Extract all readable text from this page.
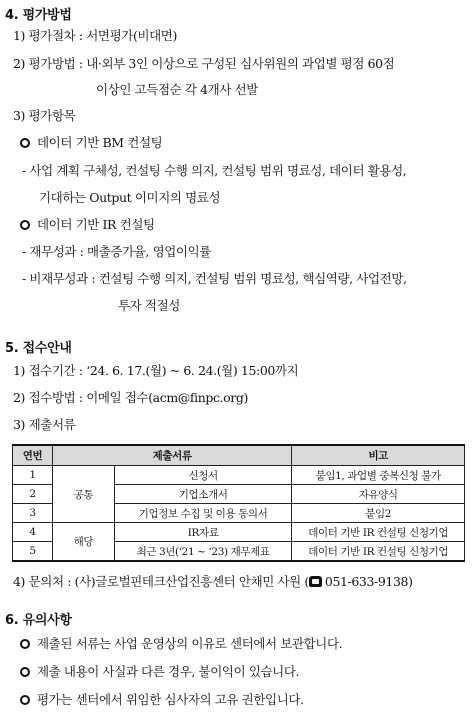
4. 평가방법
1) 평가절차 : 서면평가(비대면)
2) 평가방법 : 내·외부 3인 이상으로 구성된 심사위원의 과업별 평점 60점
이상인 고득점순 각 4개사 선발
3) 평가항목
데이터 기반 BM 컨설팅
- 사업 계획 구체성, 컨설팅 수행 의지, 컨설팅 범위 명료성, 데이터 활용성,
기대하는 Output 이미지의 명료성
데이터 기반 IR 컨설팅
- 재무성과 : 매출증가율, 영업이익률
- 비재무성과 : 컨설팅 수행 의지, 컨설팅 범위 명료성, 핵심역량, 사업전망,
투자 적절성
5. 접수안내
1) 접수기간 : ‘24. 6. 17.(월) ~ 6. 24.(월) 15:00까지
2) 접수방법 : 이메일 접수(acm@finpc.org)
3) 제출서류
연번	제출서류		비고
1	공통	신청서	붙임1, 과업별 중복신청 불가
2		기업소개서	자유양식
3		기업정보 수집 및 이용 동의서	붙임2
4	해당	IR자료	데이터 기반 IR 컨설팅 신청기업
5		최근 3년(‘21 ~ ‘23) 재무제표	데이터 기반 IR 컨설팅 신청기업
4) 문의처 : (사)글로벌핀테크산업진흥센터 안채민 사원 ( 051-633-9138)
6. 유의사항
제출된 서류는 사업 운영상의 이유로 센터에서 보관합니다.
제출 내용이 사실과 다른 경우, 불이익이 있습니다.
평가는 센터에서 위임한 심사자의 고유 권한입니다.
